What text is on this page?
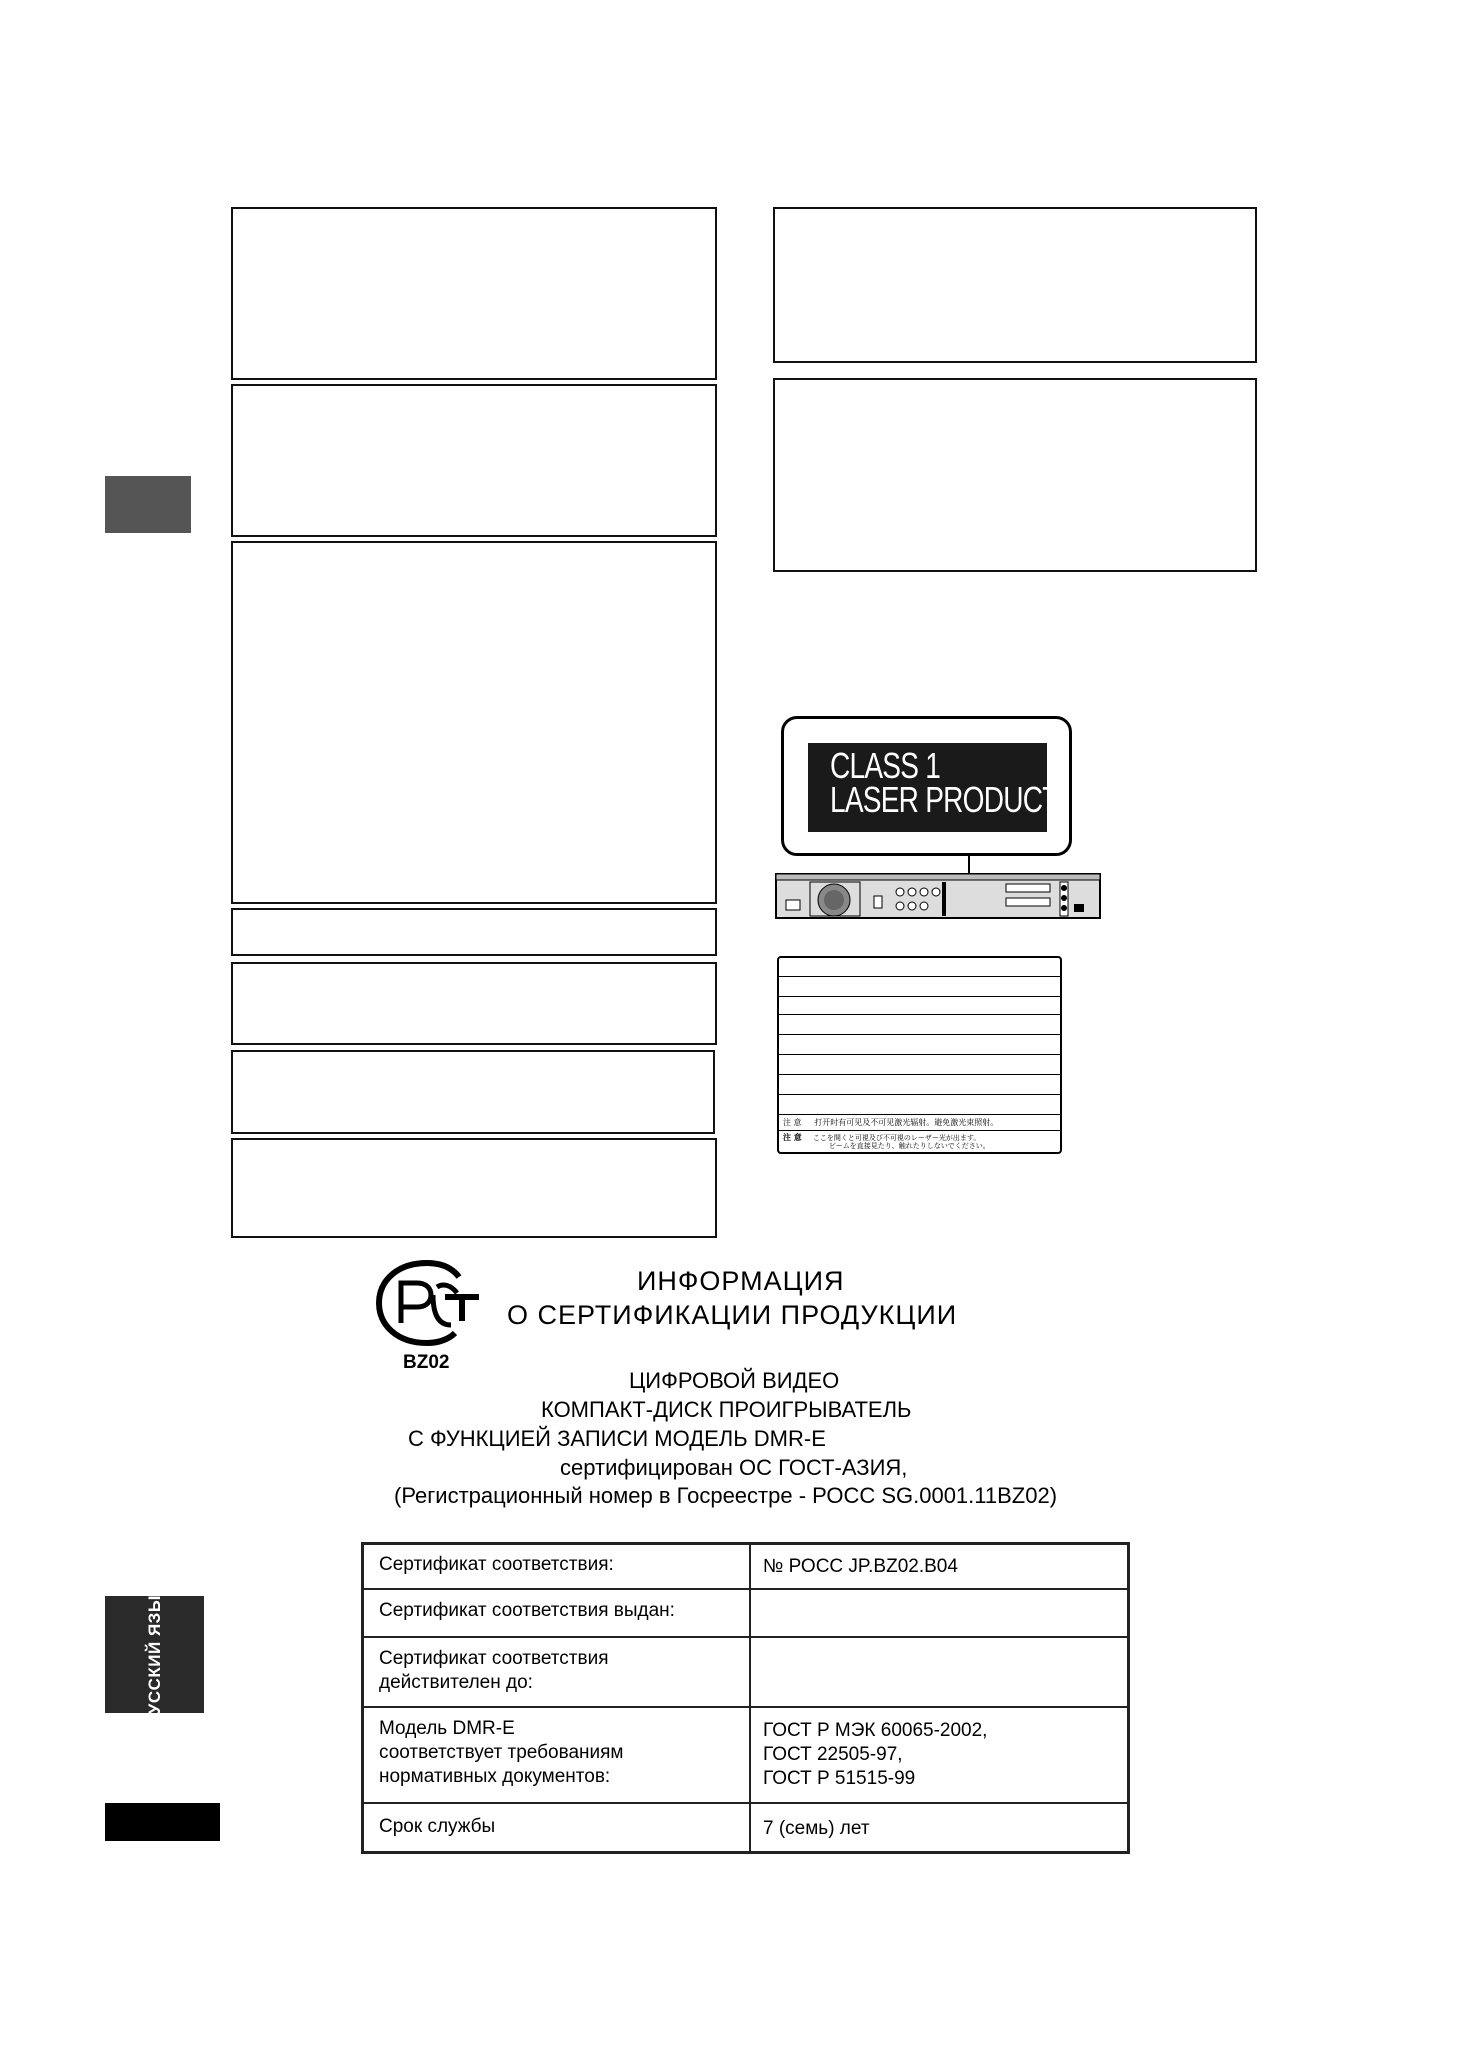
РУССКИЙ ЯЗЫК
CLASS 1
LASER PRODUCT
注 意 打开时有可见及不可见激光辐射。避免激光束照射。
注 意 ここを開くと可視及び不可視のレーザー光が出ます。
ビームを直接見たり、触れたりしないでください。
BZ02
ИНФОРМАЦИЯ
О СЕРТИФИКАЦИИ ПРОДУКЦИИ
ЦИФРОВОЙ ВИДЕО
КОМПАКТ-ДИСК ПРОИГРЫВАТЕЛЬ
С ФУНКЦИЕЙ ЗАПИСИ МОДЕЛЬ DMR-E
сертифицирован ОС ГОСТ-АЗИЯ,
(Регистрационный номер в Госреестре - РОСС SG.0001.11BZ02)
Сертификат соответствия:	№ РОСС JP.BZ02.B04
Сертификат соответствия выдан:
Сертификат соответствия
действителен до:
Модель DMR-E
соответствует требованиям
нормативных документов:
ГОСТ Р МЭК 60065-2002,
ГОСТ 22505-97,
ГОСТ Р 51515-99
Срок службы	7 (семь) лет
